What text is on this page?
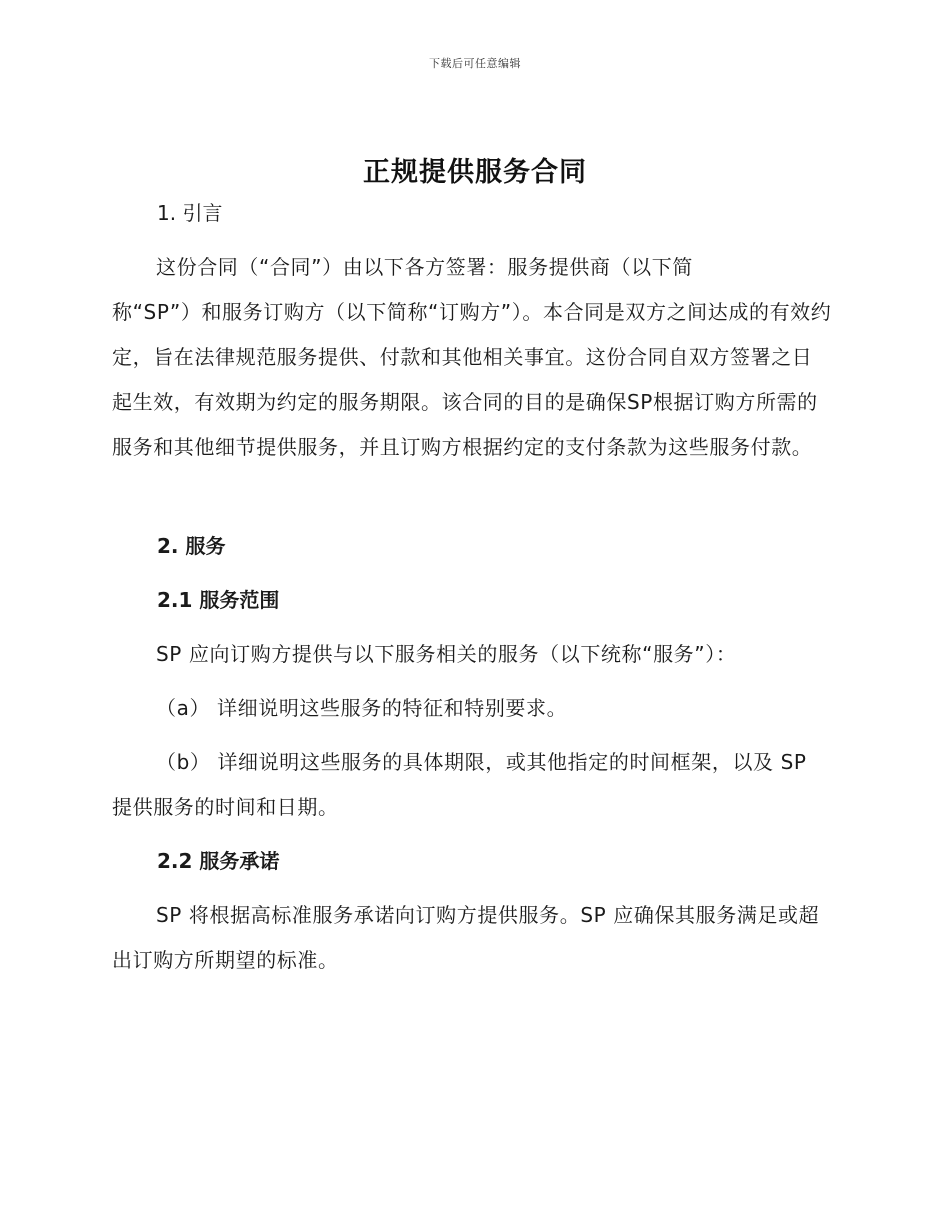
下载后可任意编辑
正规提供服务合同
1. 引言

这份合同（“合同”）由以下各方签署：服务提供商（以下简

称“SP”）和服务订购方（以下简称“订购方”）。本合同是双方之间达成的有效约定，旨在法律规范服务提供、付款和其他相关事宜。这份合同自双方签署之日起生效，有效期为约定的服务期限。该合同的目的是确保SP根据订购方所需的服务和其他细节提供服务，并且订购方根据约定的支付条款为这些服务付款。

2. 服务
2.1 服务范围

SP 应向订购方提供与以下服务相关的服务（以下统称“服务”）：

（a） 详细说明这些服务的特征和特别要求。

（b） 详细说明这些服务的具体期限，或其他指定的时间框架，以及 SP 提供服务的时间和日期。

2.2 服务承诺

SP 将根据高标准服务承诺向订购方提供服务。SP 应确保其服务满足或超出订购方所期望的标准。
